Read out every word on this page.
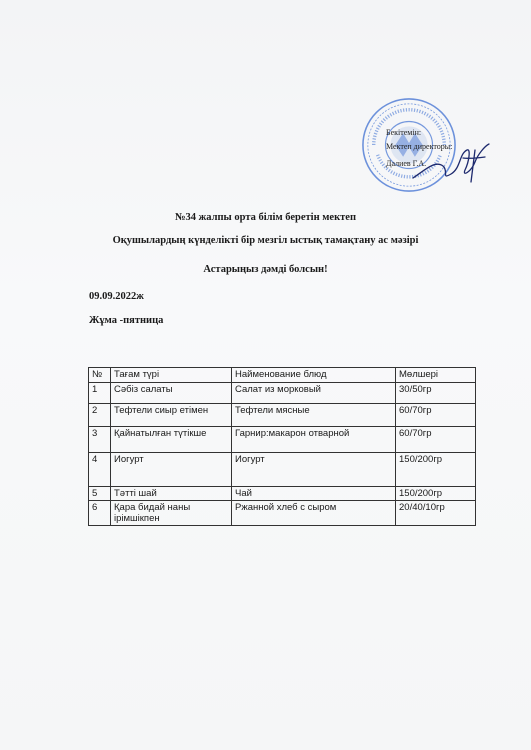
Бекітемін:
Мектеп директоры:
Далиев Г.А.
№34 жалпы орта білім беретін мектеп
Оқушылардың күнделікті бір мезгіл ыстық тамақтану ас мәзірі
Астарыңыз дәмді болсын!
09.09.2022ж
Жұма -пятница
№	Тағам түрі	Найменование блюд	Мөлшері
1	Сәбіз салаты	Салат из морковый	30/50гр
2	Тефтели сиыр етімен	Тефтели мясные	60/70гр
3	Қайнатылған түтікше	Гарнир:макарон отварной	60/70гр
4	Иогурт	Иогурт	150/200гр
5	Тәтті шай	Чай	150/200гр
6	Қара бидай наны ірімшікпен	Ржанной хлеб с сыром	20/40/10гр
